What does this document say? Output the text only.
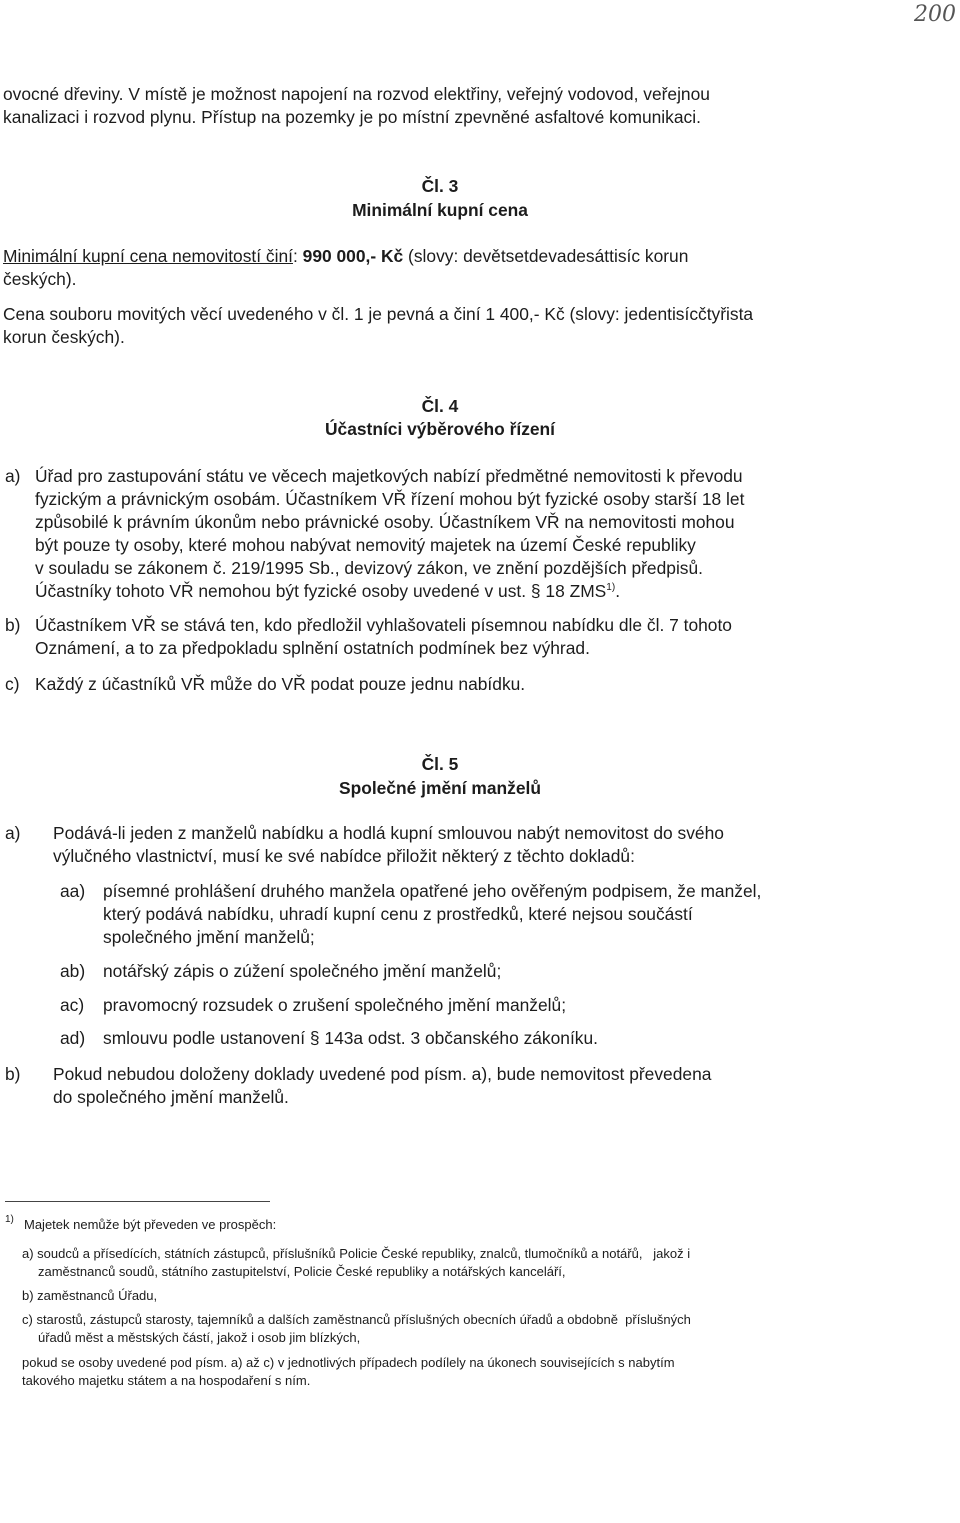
200
ovocné dřeviny. V místě je možnost napojení na rozvod elektřiny, veřejný vodovod, veřejnou
kanalizaci i rozvod plynu. Přístup na pozemky je po místní zpevněné asfaltové komunikaci.
Čl. 3
Minimální kupní cena
Minimální kupní cena nemovitostí činí: 990 000,- Kč (slovy: devětsetdevadesáttisíc korun
českých).
Cena souboru movitých věcí uvedeného v čl. 1 je pevná a činí 1 400,- Kč (slovy: jedentisícčtyřista
korun českých).
Čl. 4
Účastníci výběrového řízení
a) Úřad pro zastupování státu ve věcech majetkových nabízí předmětné nemovitosti k převodu
fyzickým a právnickým osobám. Účastníkem VŘ řízení mohou být fyzické osoby starší 18 let
způsobilé k právním úkonům nebo právnické osoby. Účastníkem VŘ na nemovitosti mohou
být pouze ty osoby, které mohou nabývat nemovitý majetek na území České republiky
v souladu se zákonem č. 219/1995 Sb., devizový zákon, ve znění pozdějších předpisů.
Účastníky tohoto VŘ nemohou být fyzické osoby uvedené v ust. § 18 ZMS$^{1)}$.
b) Účastníkem VŘ se stává ten, kdo předložil vyhlašovateli písemnou nabídku dle čl. 7 tohoto
Oznámení, a to za předpokladu splnění ostatních podmínek bez výhrad.
c) Každý z účastníků VŘ může do VŘ podat pouze jednu nabídku.
Čl. 5
Společné jmění manželů
a) Podává-li jeden z manželů nabídku a hodlá kupní smlouvou nabýt nemovitost do svého
výlučného vlastnictví, musí ke své nabídce přiložit některý z těchto dokladů:
aa) písemné prohlášení druhého manžela opatřené jeho ověřeným podpisem, že manžel,
který podává nabídku, uhradí kupní cenu z prostředků, které nejsou součástí
společného jmění manželů;
ab) notářský zápis o zúžení společného jmění manželů;
ac) pravomocný rozsudek o zrušení společného jmění manželů;
ad) smlouvu podle ustanovení § 143a odst. 3 občanského zákoníku.
b) Pokud nebudou doloženy doklady uvedené pod písm. a), bude nemovitost převedena
do společného jmění manželů.
1) Majetek nemůže být převeden ve prospěch:
a) soudců a přísedících, státních zástupců, příslušníků Policie České republiky, znalců, tlumočníků a notářů,   jakož i
zaměstnanců soudů, státního zastupitelství, Policie České republiky a notářských kanceláří,
b) zaměstnanců Úřadu,
c) starostů, zástupců starosty, tajemníků a dalších zaměstnanců příslušných obecních úřadů a obdobně  příslušných
úřadů měst a městských částí, jakož i osob jim blízkých,
pokud se osoby uvedené pod písm. a) až c) v jednotlivých případech podílely na úkonech souvisejících s nabytím
takového majetku státem a na hospodaření s ním.
